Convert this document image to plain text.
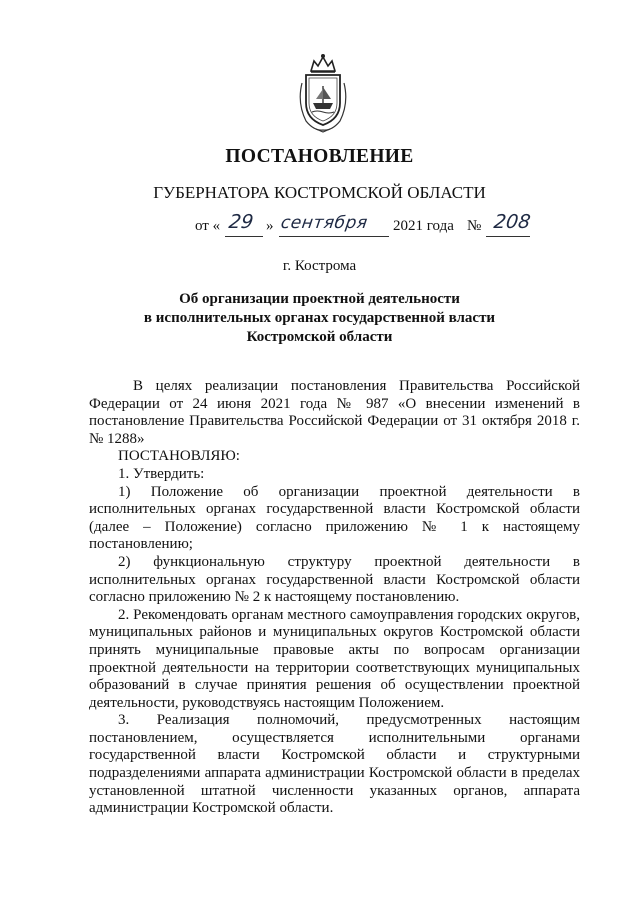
ПОСТАНОВЛЕНИЕ
ГУБЕРНАТОРА КОСТРОМСКОЙ ОБЛАСТИ
от « 29 » сентября 2021 года № 208
г. Кострома
Об организации проектной деятельности
в исполнительных органах государственной власти
Костромской области

В целях реализации постановления Правительства Российской Федерации от 24 июня 2021 года № 987 «О внесении изменений в постановление Правительства Российской Федерации от 31 октября 2018 г. № 1288»

ПОСТАНОВЛЯЮ:

1. Утвердить:

1) Положение об организации проектной деятельности в исполнительных органах государственной власти Костромской области (далее – Положение) согласно приложению № 1 к настоящему постановлению;

2) функциональную структуру проектной деятельности в исполнительных органах государственной власти Костромской области согласно приложению № 2 к настоящему постановлению.

2. Рекомендовать органам местного самоуправления городских округов, муниципальных районов и муниципальных округов Костромской области принять муниципальные правовые акты по вопросам организации проектной деятельности на территории соответствующих муниципальных образований в случае принятия решения об осуществлении проектной деятельности, руководствуясь настоящим Положением.

3. Реализация полномочий, предусмотренных настоящим постановлением, осуществляется исполнительными органами государственной власти Костромской области и структурными подразделениями аппарата администрации Костромской области в пределах установленной штатной численности указанных органов, аппарата администрации Костромской области.
